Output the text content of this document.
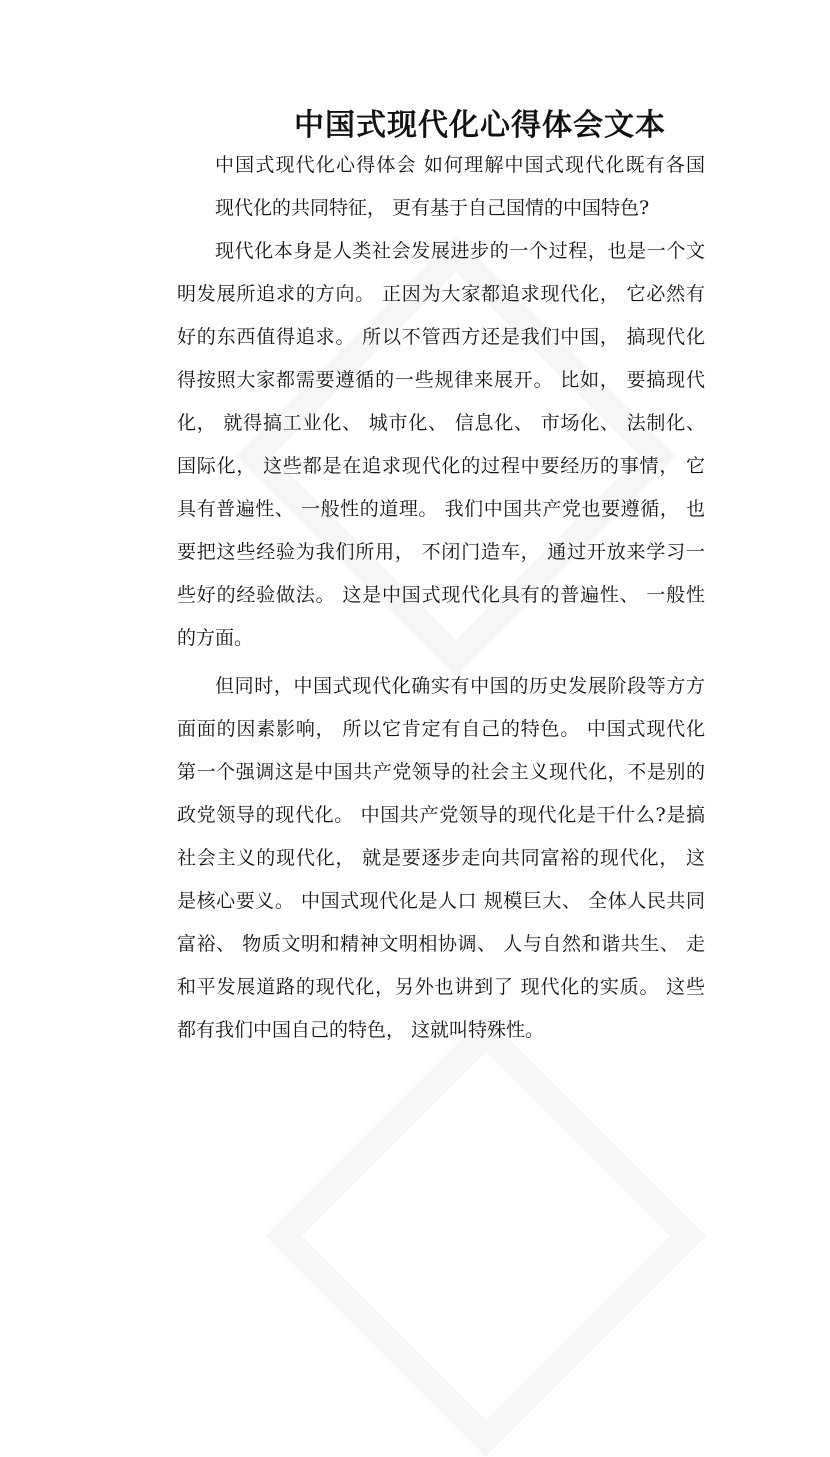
中国式现代化心得体会文本
中国式现代化心得体会 如何理解中国式现代化既有各国
现代化的共同特征， 更有基于自己国情的中国特色?
现代化本身是人类社会发展进步的一个过程，也是一个文
明发展所追求的方向。 正因为大家都追求现代化， 它必然有
好的东西值得追求。 所以不管西方还是我们中国， 搞现代化
得按照大家都需要遵循的一些规律来展开。 比如， 要搞现代
化， 就得搞工业化、 城市化、 信息化、 市场化、 法制化、
国际化， 这些都是在追求现代化的过程中要经历的事情， 它
具有普遍性、 一般性的道理。 我们中国共产党也要遵循， 也
要把这些经验为我们所用， 不闭门造车， 通过开放来学习一
些好的经验做法。 这是中国式现代化具有的普遍性、 一般性
的方面。
但同时，中国式现代化确实有中国的历史发展阶段等方方
面面的因素影响， 所以它肯定有自己的特色。 中国式现代化
第一个强调这是中国共产党领导的社会主义现代化，不是别的
政党领导的现代化。 中国共产党领导的现代化是干什么?是搞
社会主义的现代化， 就是要逐步走向共同富裕的现代化， 这
是核心要义。 中国式现代化是人口 规模巨大、 全体人民共同
富裕、 物质文明和精神文明相协调、 人与自然和谐共生、 走
和平发展道路的现代化，另外也讲到了 现代化的实质。 这些
都有我们中国自己的特色， 这就叫特殊性。
